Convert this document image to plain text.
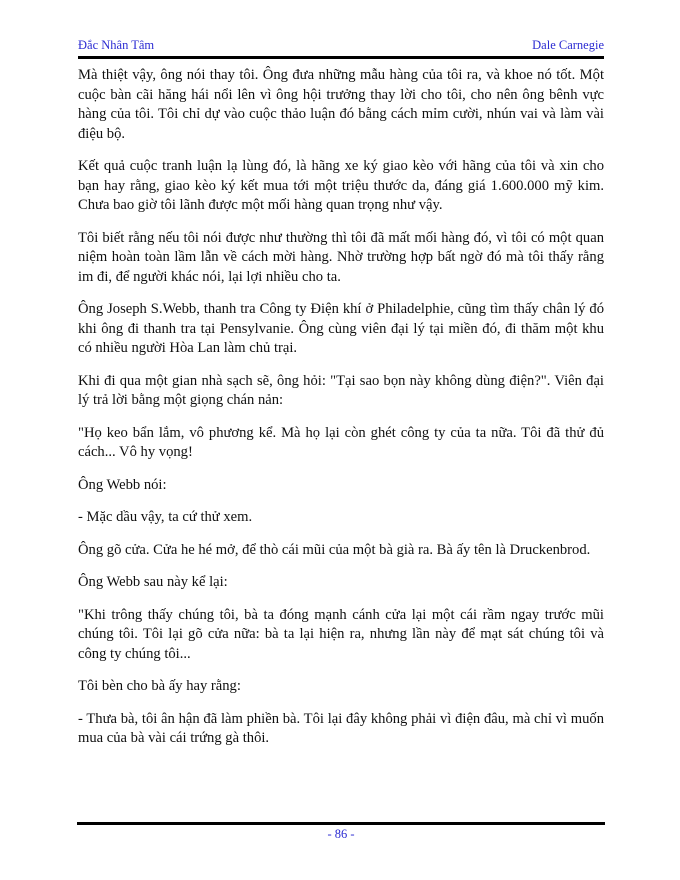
Đắc Nhân Tâm	Dale Carnegie

Mà thiệt vậy, ông nói thay tôi. Ông đưa những mẫu hàng của tôi ra, và khoe nó tốt. Một cuộc bàn cãi hăng hái nổi lên vì ông hội trưởng thay lời cho tôi, cho nên ông bênh vực hàng của tôi. Tôi chỉ dự vào cuộc thảo luận đó bằng cách mỉm cười, nhún vai và làm vài điệu bộ.

Kết quả cuộc tranh luận lạ lùng đó, là hãng xe ký giao kèo với hãng của tôi và xin cho bạn hay rằng, giao kèo ký kết mua tới một triệu thước da, đáng giá 1.600.000 mỹ kim. Chưa bao giờ tôi lãnh được một mối hàng quan trọng như vậy.

Tôi biết rằng nếu tôi nói được như thường thì tôi đã mất mối hàng đó, vì tôi có một quan niệm hoàn toàn lầm lẫn về cách mời hàng. Nhờ trường hợp bất ngờ đó mà tôi thấy rằng im đi, để người khác nói, lại lợi nhiều cho ta.

Ông Joseph S.Webb, thanh tra Công ty Điện khí ở Philadelphie, cũng tìm thấy chân lý đó khi ông đi thanh tra tại Pensylvanie. Ông cùng viên đại lý tại miền đó, đi thăm một khu có nhiều người Hòa Lan làm chủ trại.

Khi đi qua một gian nhà sạch sẽ, ông hỏi: "Tại sao bọn này không dùng điện?". Viên đại lý trả lời bằng một giọng chán nản:

"Họ keo bẩn lắm, vô phương kể. Mà họ lại còn ghét công ty của ta nữa. Tôi đã thử đủ cách... Vô hy vọng!

Ông Webb nói:

- Mặc dầu vậy, ta cứ thử xem.

Ông gõ cửa. Cửa he hé mở, để thò cái mũi của một bà già ra. Bà ấy tên là Druckenbrod.

Ông Webb sau này kể lại:

"Khi trông thấy chúng tôi, bà ta đóng mạnh cánh cửa lại một cái rầm ngay trước mũi chúng tôi. Tôi lại gõ cửa nữa: bà ta lại hiện ra, nhưng lần này để mạt sát chúng tôi và công ty chúng tôi...

Tôi bèn cho bà ấy hay rằng:

- Thưa bà, tôi ân hận đã làm phiền bà. Tôi lại đây không phải vì điện đâu, mà chỉ vì muốn mua của bà vài cái trứng gà thôi.

- 86 -
